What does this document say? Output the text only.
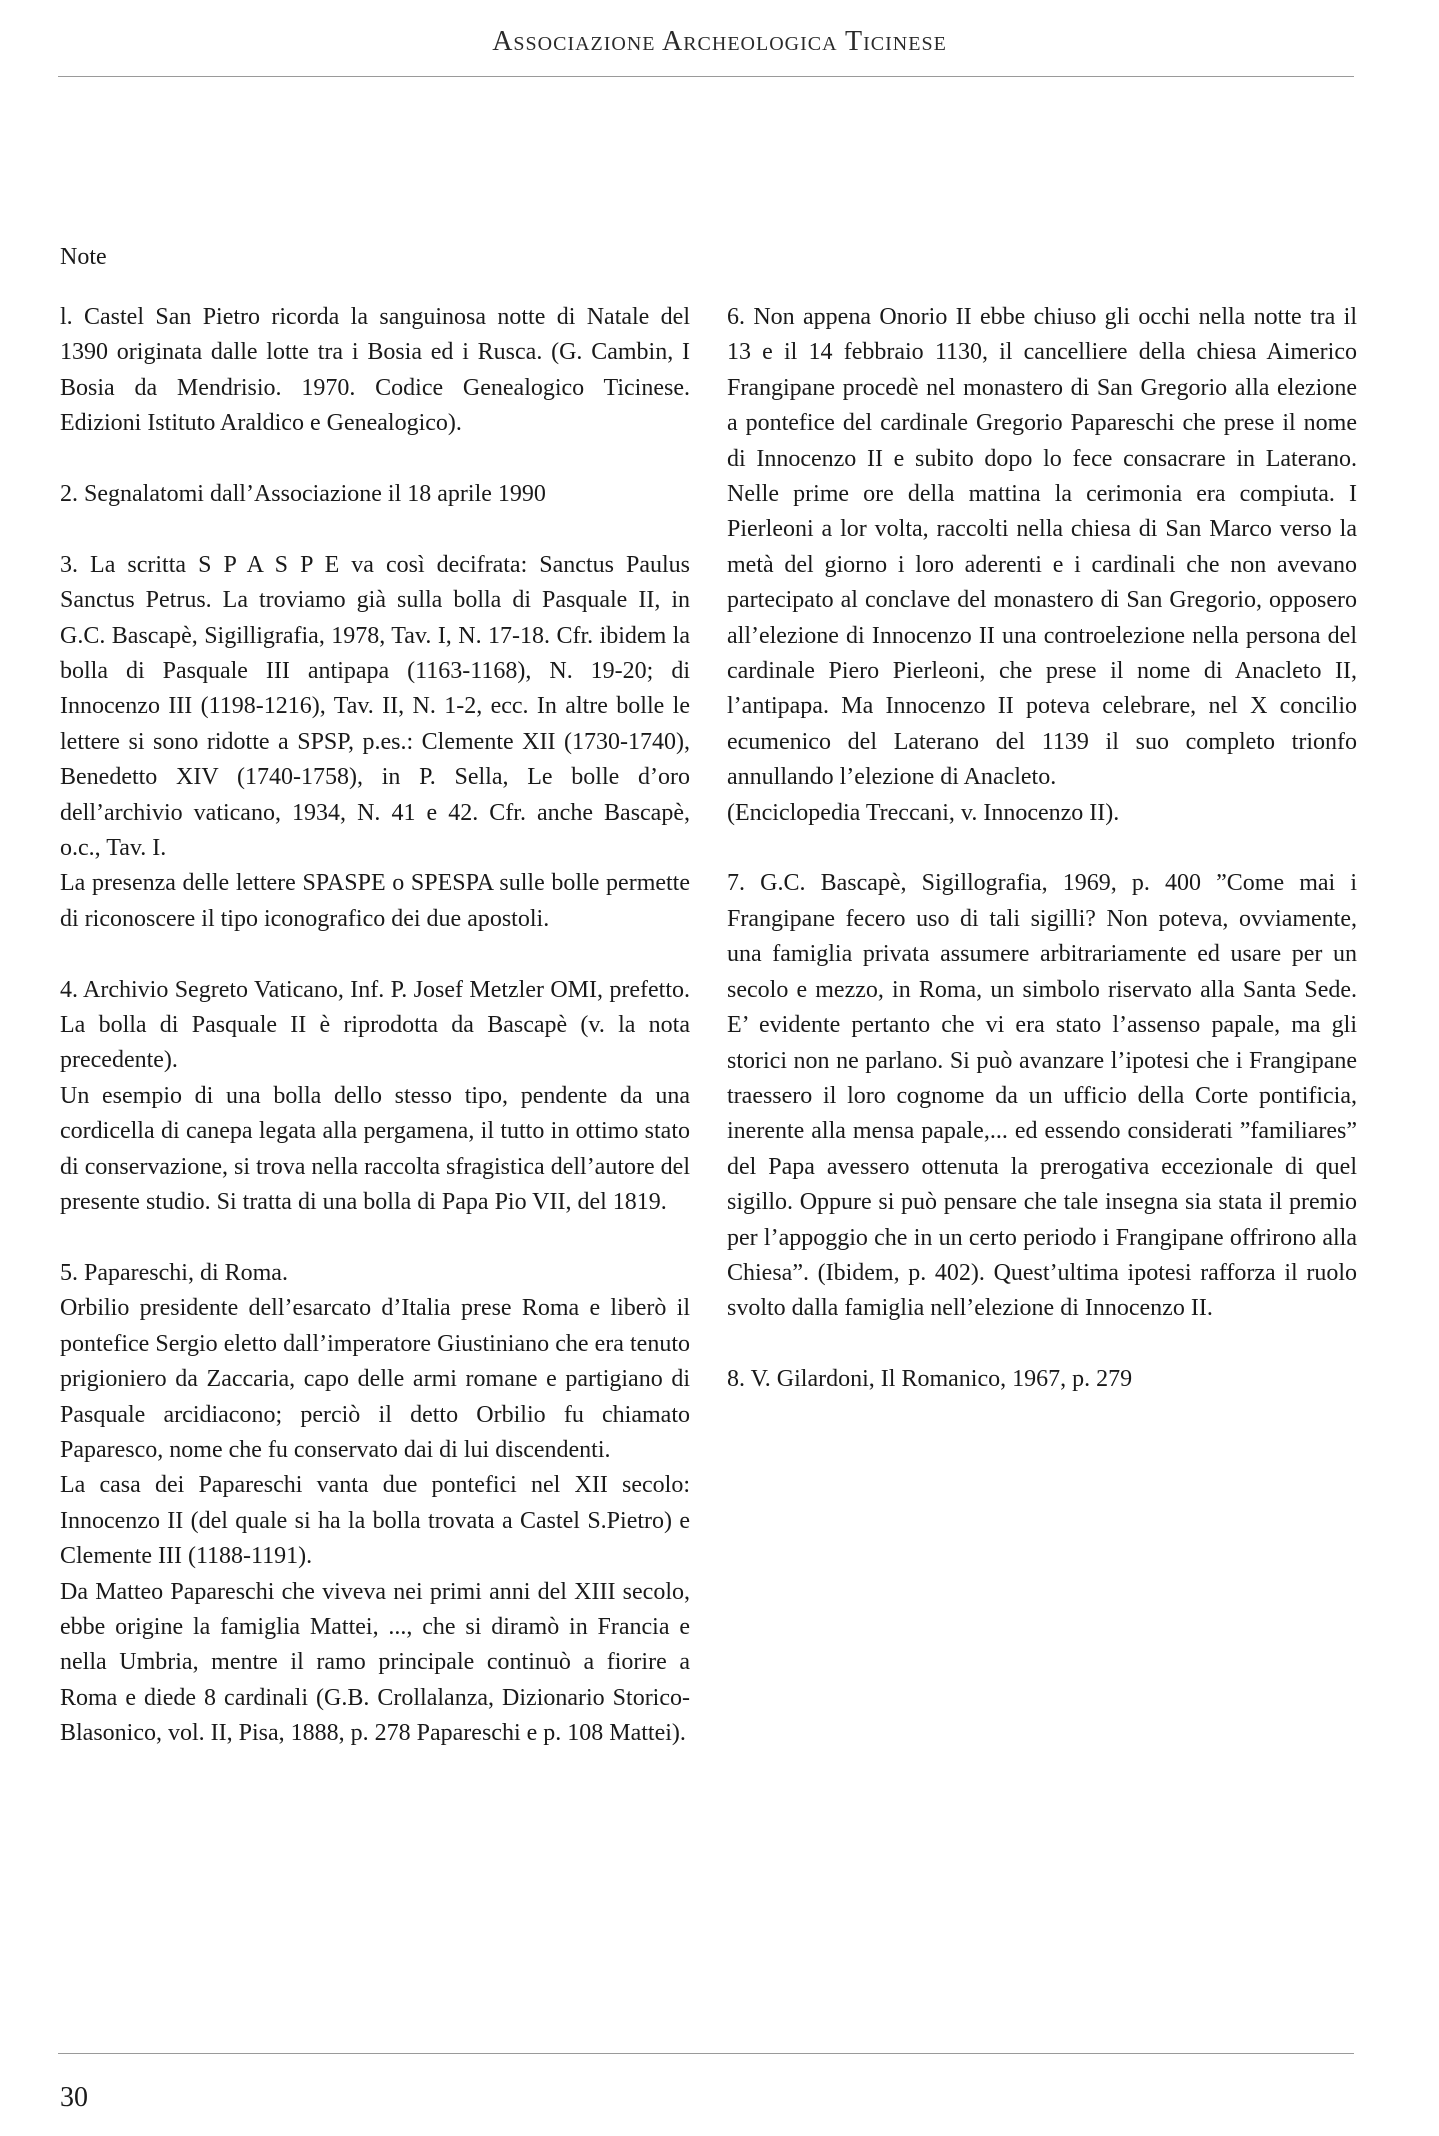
Associazione Archeologica Ticinese
Note

l. Castel San Pietro ricorda la sanguinosa notte di Natale del 1390 originata dalle lotte tra i Bosia ed i Rusca. (G. Cambin, I Bosia da Mendrisio. 1970. Codice Genealogico Ticinese. Edizioni Istituto Araldico e Genealogico).

2. Segnalatomi dall’Associazione il 18 aprile 1990

3. La scritta S P A S P E va così decifrata: Sanctus Paulus Sanctus Petrus. La troviamo già sulla bolla di Pasquale II, in G.C. Bascapè, Sigilligrafia, 1978, Tav. I, N. 17-18. Cfr. ibidem la bolla di Pasquale III antipapa (1163-1168), N. 19-20; di Innocenzo III (1198-1216), Tav. II, N. 1-2, ecc. In altre bolle le lettere si sono ridotte a SPSP, p.es.: Clemente XII (1730-1740), Benedetto XIV (1740-1758), in P. Sella, Le bolle d’oro dell’archivio vaticano, 1934, N. 41 e 42. Cfr. anche Bascapè, o.c., Tav. I.

La presenza delle lettere SPASPE o SPESPA sulle bolle permette di riconoscere il tipo iconografico dei due apostoli.

4. Archivio Segreto Vaticano, Inf. P. Josef Metzler OMI, prefetto. La bolla di Pasquale II è riprodotta da Bascapè (v. la nota precedente).

Un esempio di una bolla dello stesso tipo, pendente da una cordicella di canepa legata alla pergamena, il tutto in ottimo stato di conservazione, si trova nella raccolta sfragistica dell’autore del presente studio. Si tratta di una bolla di Papa Pio VII, del 1819.

5. Papareschi, di Roma.

Orbilio presidente dell’esarcato d’Italia prese Roma e liberò il pontefice Sergio eletto dall’imperatore Giustiniano che era tenuto prigioniero da Zaccaria, capo delle armi romane e partigiano di Pasquale arcidiacono; perciò il detto Orbilio fu chiamato Paparesco, nome che fu conservato dai di lui discendenti.

La casa dei Papareschi vanta due pontefici nel XII secolo: Innocenzo II (del quale si ha la bolla trovata a Castel S.Pietro) e Clemente III (1188-1191).

Da Matteo Papareschi che viveva nei primi anni del XIII secolo, ebbe origine la famiglia Mattei, ..., che si diramò in Francia e nella Umbria, mentre il ramo principale continuò a fiorire a Roma e diede 8 cardinali (G.B. Crollalanza, Dizionario Storico-Blasonico, vol. II, Pisa, 1888, p. 278 Papareschi e p. 108 Mattei).

6. Non appena Onorio II ebbe chiuso gli occhi nella notte tra il 13 e il 14 febbraio 1130, il cancelliere della chiesa Aimerico Frangipane procedè nel monastero di San Gregorio alla elezione a pontefice del cardinale Gregorio Papareschi che prese il nome di Innocenzo II e subito dopo lo fece consacrare in Laterano. Nelle prime ore della mattina la cerimonia era compiuta. I Pierleoni a lor volta, raccolti nella chiesa di San Marco verso la metà del giorno i loro aderenti e i cardinali che non avevano partecipato al conclave del monastero di San Gregorio, opposero all’elezione di Innocenzo II una controelezione nella persona del cardinale Piero Pierleoni, che prese il nome di Anacleto II, l’antipapa. Ma Innocenzo II poteva celebrare, nel X concilio ecumenico del Laterano del 1139 il suo completo trionfo annullando l’elezione di Anacleto.

(Enciclopedia Treccani, v. Innocenzo II).

7. G.C. Bascapè, Sigillografia, 1969, p. 400 ”Come mai i Frangipane fecero uso di tali sigilli? Non poteva, ovviamente, una famiglia privata assumere arbitrariamente ed usare per un secolo e mezzo, in Roma, un simbolo riservato alla Santa Sede. E’ evidente pertanto che vi era stato l’assenso papale, ma gli storici non ne parlano. Si può avanzare l’ipotesi che i Frangipane traessero il loro cognome da un ufficio della Corte pontificia, inerente alla mensa papale,... ed essendo considerati ”familiares” del Papa avessero ottenuta la prerogativa eccezionale di quel sigillo. Oppure si può pensare che tale insegna sia stata il premio per l’appoggio che in un certo periodo i Frangipane offrirono alla Chiesa”. (Ibidem, p. 402). Quest’ultima ipotesi rafforza il ruolo svolto dalla famiglia nell’elezione di Innocenzo II.

8. V. Gilardoni, Il Romanico, 1967, p. 279

30
